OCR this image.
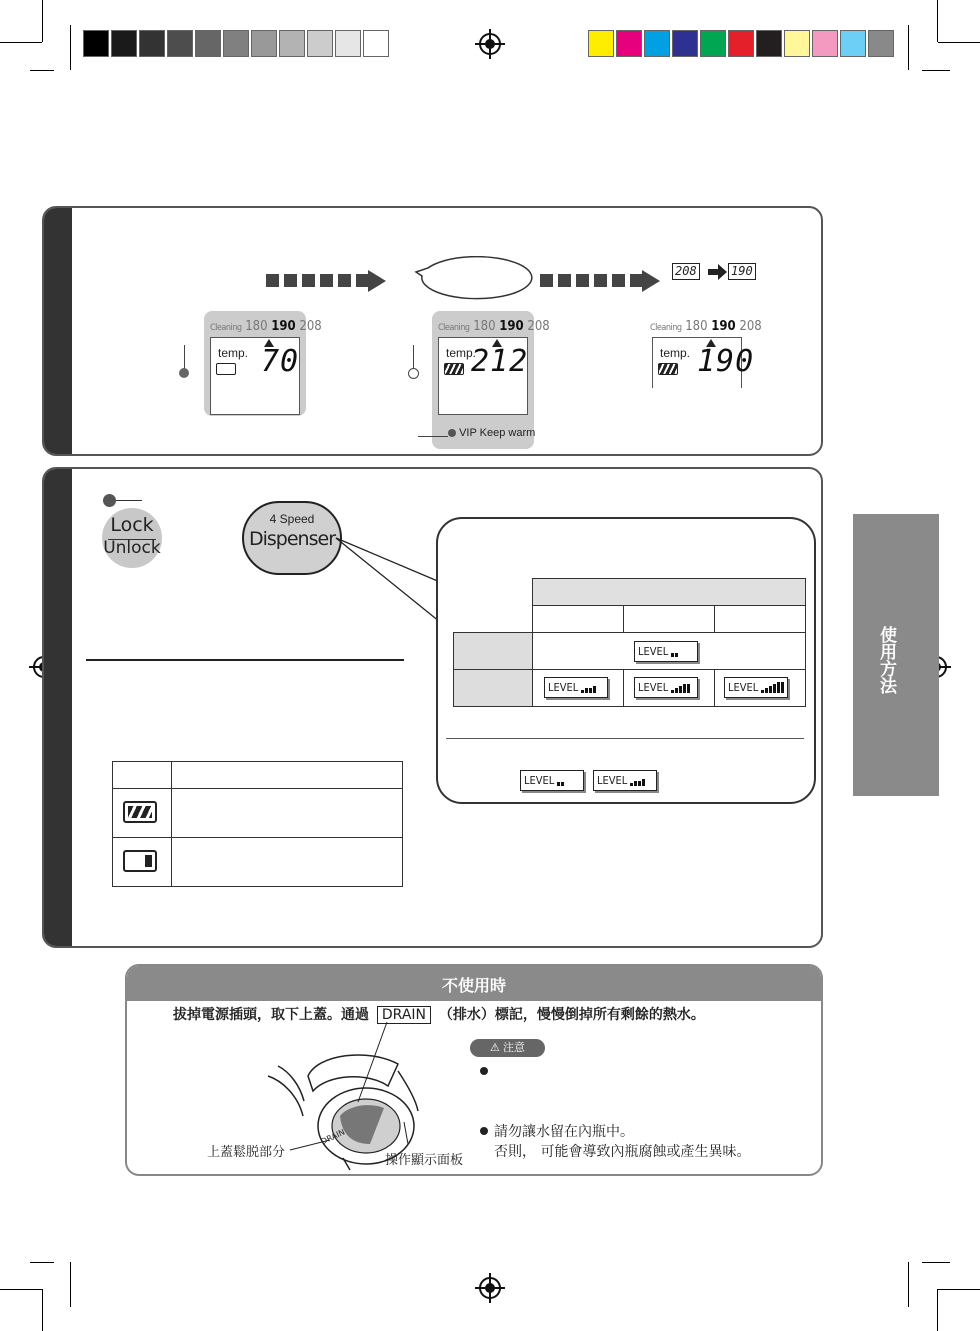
208	190
Cleaning 180 190 208
temp. 70
Cleaning 180 190 208
temp.
212
VIP Keep warm
Cleaning 180 190 208
temp. 190
Lock
Unlock
4 Speed
Dispenser

LEVEL
LEVEL	LEVEL	LEVEL
LEVEL	LEVEL
使用方法
不使用時
拔掉電源插頭，取下上蓋。通過 DRAIN （排水）標記，慢慢倒掉所有剩餘的熱水。
DRAIN
上蓋鬆脱部分
操作顯示面板
⚠ 注意
請勿讓水留在內瓶中。
否則， 可能會導致內瓶腐蝕或產生異味。
